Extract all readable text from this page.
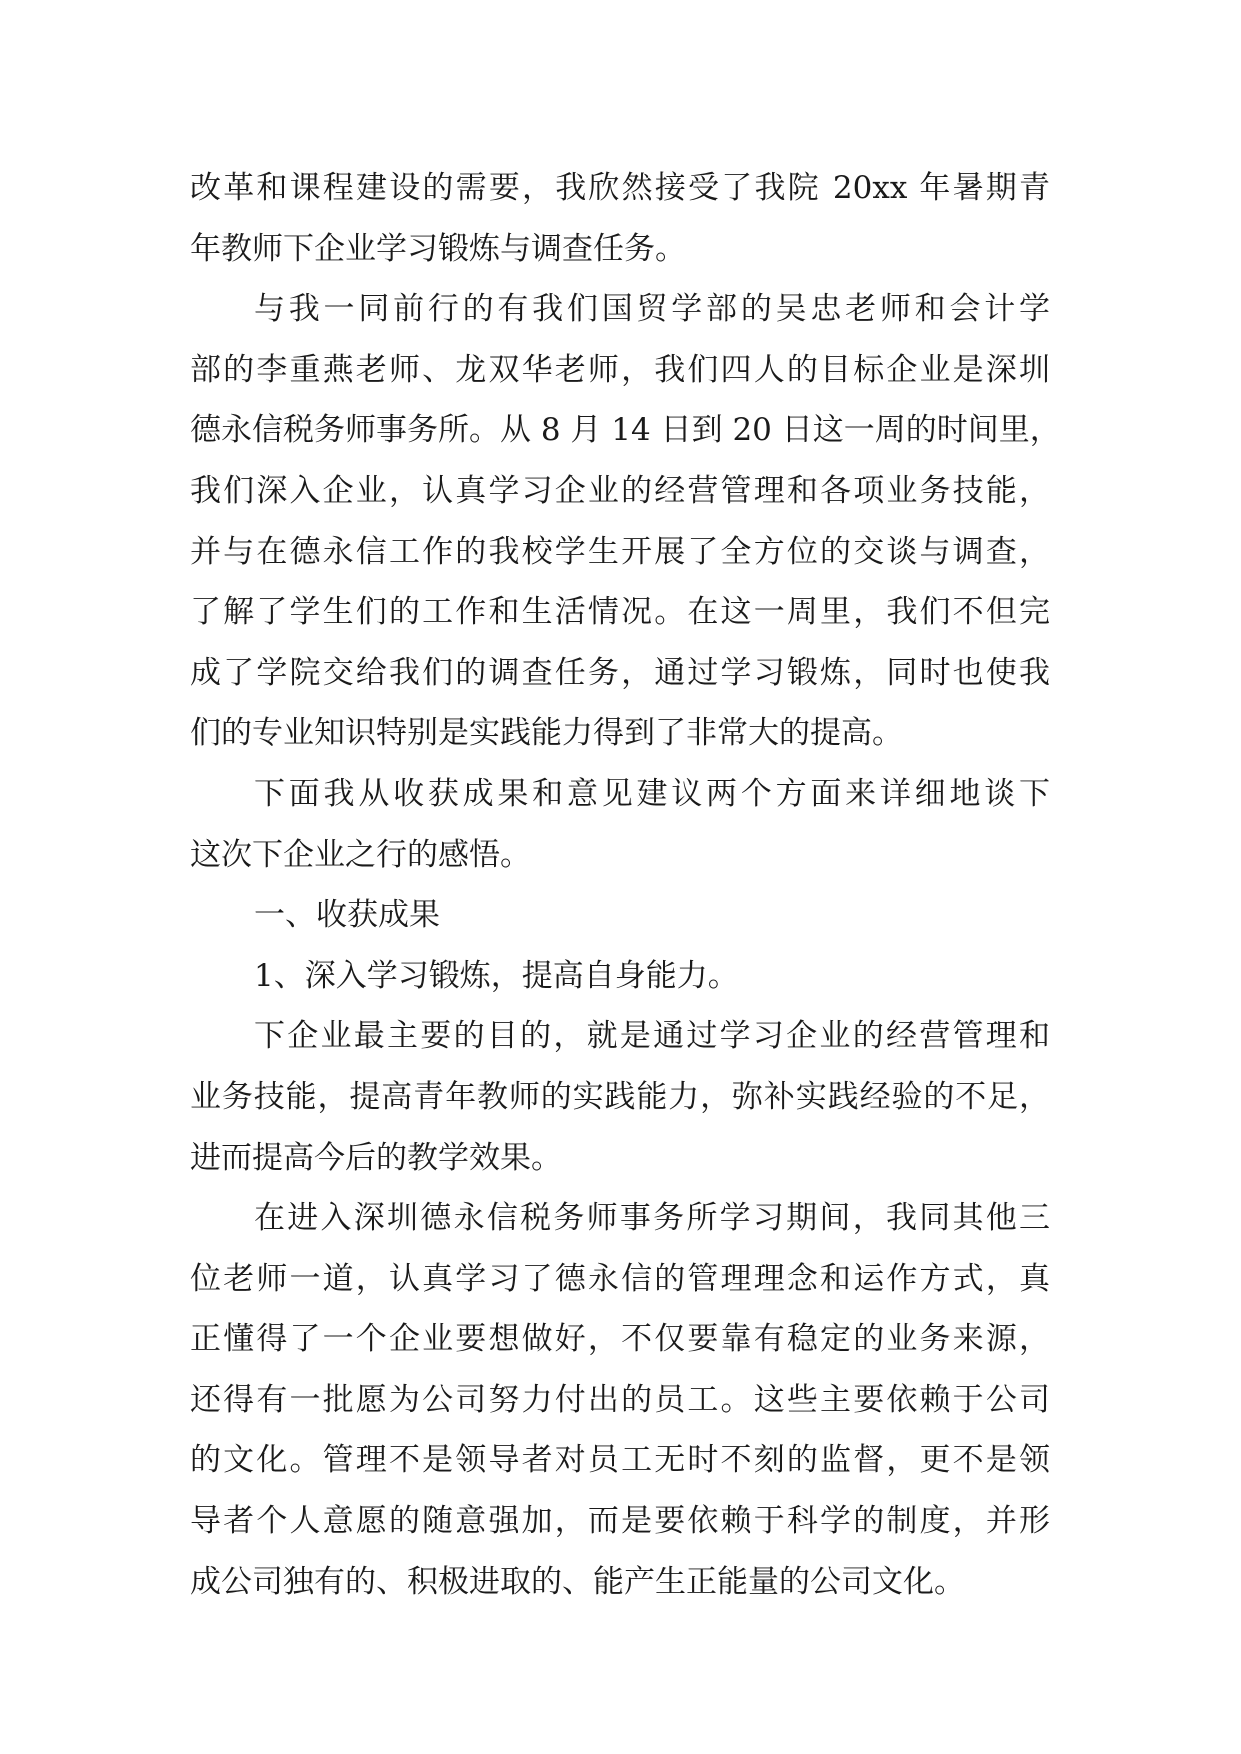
改革和课程建设的需要，我欣然接受了我院 20xx 年暑期青
年教师下企业学习锻炼与调查任务。
与我一同前行的有我们国贸学部的吴忠老师和会计学
部的李重燕老师、龙双华老师，我们四人的目标企业是深圳
德永信税务师事务所。从 8 月 14 日到 20 日这一周的时间里，
我们深入企业，认真学习企业的经营管理和各项业务技能，
并与在德永信工作的我校学生开展了全方位的交谈与调查，
了解了学生们的工作和生活情况。在这一周里，我们不但完
成了学院交给我们的调查任务，通过学习锻炼，同时也使我
们的专业知识特别是实践能力得到了非常大的提高。
下面我从收获成果和意见建议两个方面来详细地谈下
这次下企业之行的感悟。
一、收获成果
1、深入学习锻炼，提高自身能力。
下企业最主要的目的，就是通过学习企业的经营管理和
业务技能，提高青年教师的实践能力，弥补实践经验的不足，
进而提高今后的教学效果。
在进入深圳德永信税务师事务所学习期间，我同其他三
位老师一道，认真学习了德永信的管理理念和运作方式，真
正懂得了一个企业要想做好，不仅要靠有稳定的业务来源，
还得有一批愿为公司努力付出的员工。这些主要依赖于公司
的文化。管理不是领导者对员工无时不刻的监督，更不是领
导者个人意愿的随意强加，而是要依赖于科学的制度，并形
成公司独有的、积极进取的、能产生正能量的公司文化。
